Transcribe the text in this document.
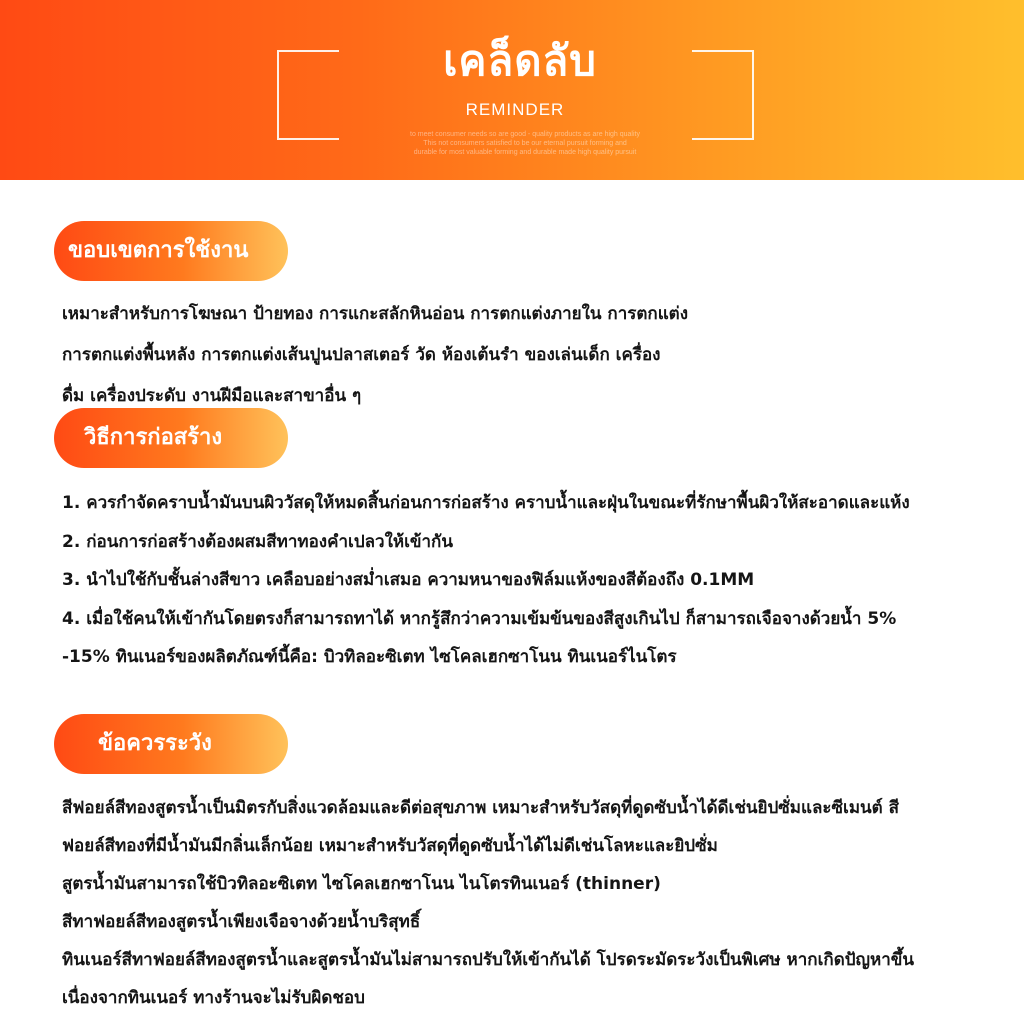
เคล็ดลับ
REMINDER
to meet consumer needs so are good - quality products as are high quality
This not consumers satisfied to be our eternal pursuit forming and
durable for most valuable forming and durable made high quality pursuit
ขอบเขตการใช้งาน
เหมาะสำหรับการโฆษณา ป้ายทอง การแกะสลักหินอ่อน การตกแต่งภายใน การตกแต่ง
การตกแต่งพื้นหลัง การตกแต่งเส้นปูนปลาสเตอร์ วัด ห้องเต้นรำ ของเล่นเด็ก เครื่อง
ดื่ม เครื่องประดับ งานฝีมือและสาขาอื่น ๆ
วิธีการก่อสร้าง
1. ควรกำจัดคราบน้ำมันบนผิววัสดุให้หมดสิ้นก่อนการก่อสร้าง คราบน้ำและฝุ่นในขณะที่รักษาพื้นผิวให้สะอาดและแห้ง
2. ก่อนการก่อสร้างต้องผสมสีทาทองคำเปลวให้เข้ากัน
3. นำไปใช้กับชั้นล่างสีขาว เคลือบอย่างสม่ำเสมอ ความหนาของฟิล์มแห้งของสีต้องถึง 0.1MM
4. เมื่อใช้คนให้เข้ากันโดยตรงก็สามารถทาได้ หากรู้สึกว่าความเข้มข้นของสีสูงเกินไป ก็สามารถเจือจางด้วยน้ำ 5%
-15% ทินเนอร์ของผลิตภัณฑ์นี้คือ: บิวทิลอะซิเตท ไซโคลเฮกซาโนน ทินเนอร์ไนโตร
ข้อควรระวัง
สีฟอยล์สีทองสูตรน้ำเป็นมิตรกับสิ่งแวดล้อมและดีต่อสุขภาพ เหมาะสำหรับวัสดุที่ดูดซับน้ำได้ดีเช่นยิปซั่มและซีเมนต์ สี
ฟอยล์สีทองที่มีน้ำมันมีกลิ่นเล็กน้อย เหมาะสำหรับวัสดุที่ดูดซับน้ำได้ไม่ดีเช่นโลหะและยิปซั่ม
สูตรน้ำมันสามารถใช้บิวทิลอะซิเตท ไซโคลเฮกซาโนน ไนโตรทินเนอร์ (thinner)
สีทาฟอยล์สีทองสูตรน้ำเพียงเจือจางด้วยน้ำบริสุทธิ์
ทินเนอร์สีทาฟอยล์สีทองสูตรน้ำและสูตรน้ำมันไม่สามารถปรับให้เข้ากันได้ โปรดระมัดระวังเป็นพิเศษ หากเกิดปัญหาขึ้น
เนื่องจากทินเนอร์ ทางร้านจะไม่รับผิดชอบ
